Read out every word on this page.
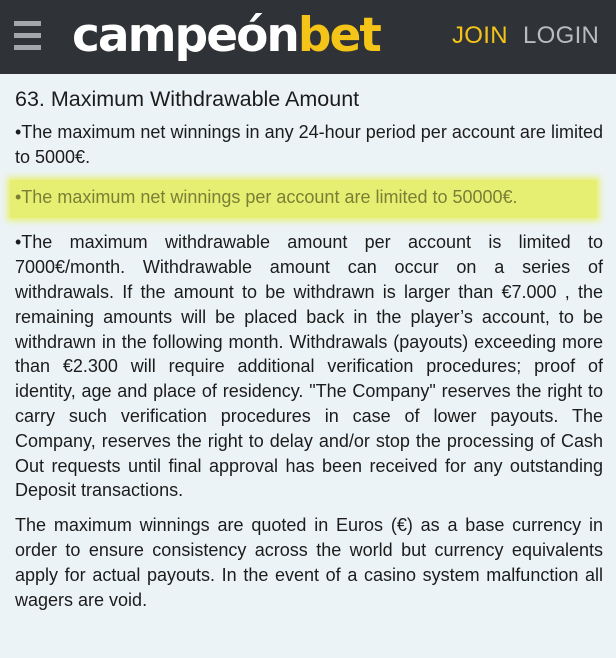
campeónbet	JOIN LOGIN
63. Maximum Withdrawable Amount

•The maximum net winnings in any 24-hour period per account are limited to 5000€.

•The maximum net winnings per account are limited to 50000€.

•The maximum withdrawable amount per account is limited to 7000€/month. Withdrawable amount can occur on a series of withdrawals. If the amount to be withdrawn is larger than €7.000 , the remaining amounts will be placed back in the player’s account, to be withdrawn in the following month. Withdrawals (payouts) exceeding more than €2.300 will require additional verification procedures; proof of identity, age and place of residency. "The Company" reserves the right to carry such verification procedures in case of lower payouts. The Company, reserves the right to delay and/or stop the processing of Cash Out requests until final approval has been received for any outstanding Deposit transactions.

The maximum winnings are quoted in Euros (€) as a base currency in order to ensure consistency across the world but currency equivalents apply for actual payouts. In the event of a casino system malfunction all wagers are void.
